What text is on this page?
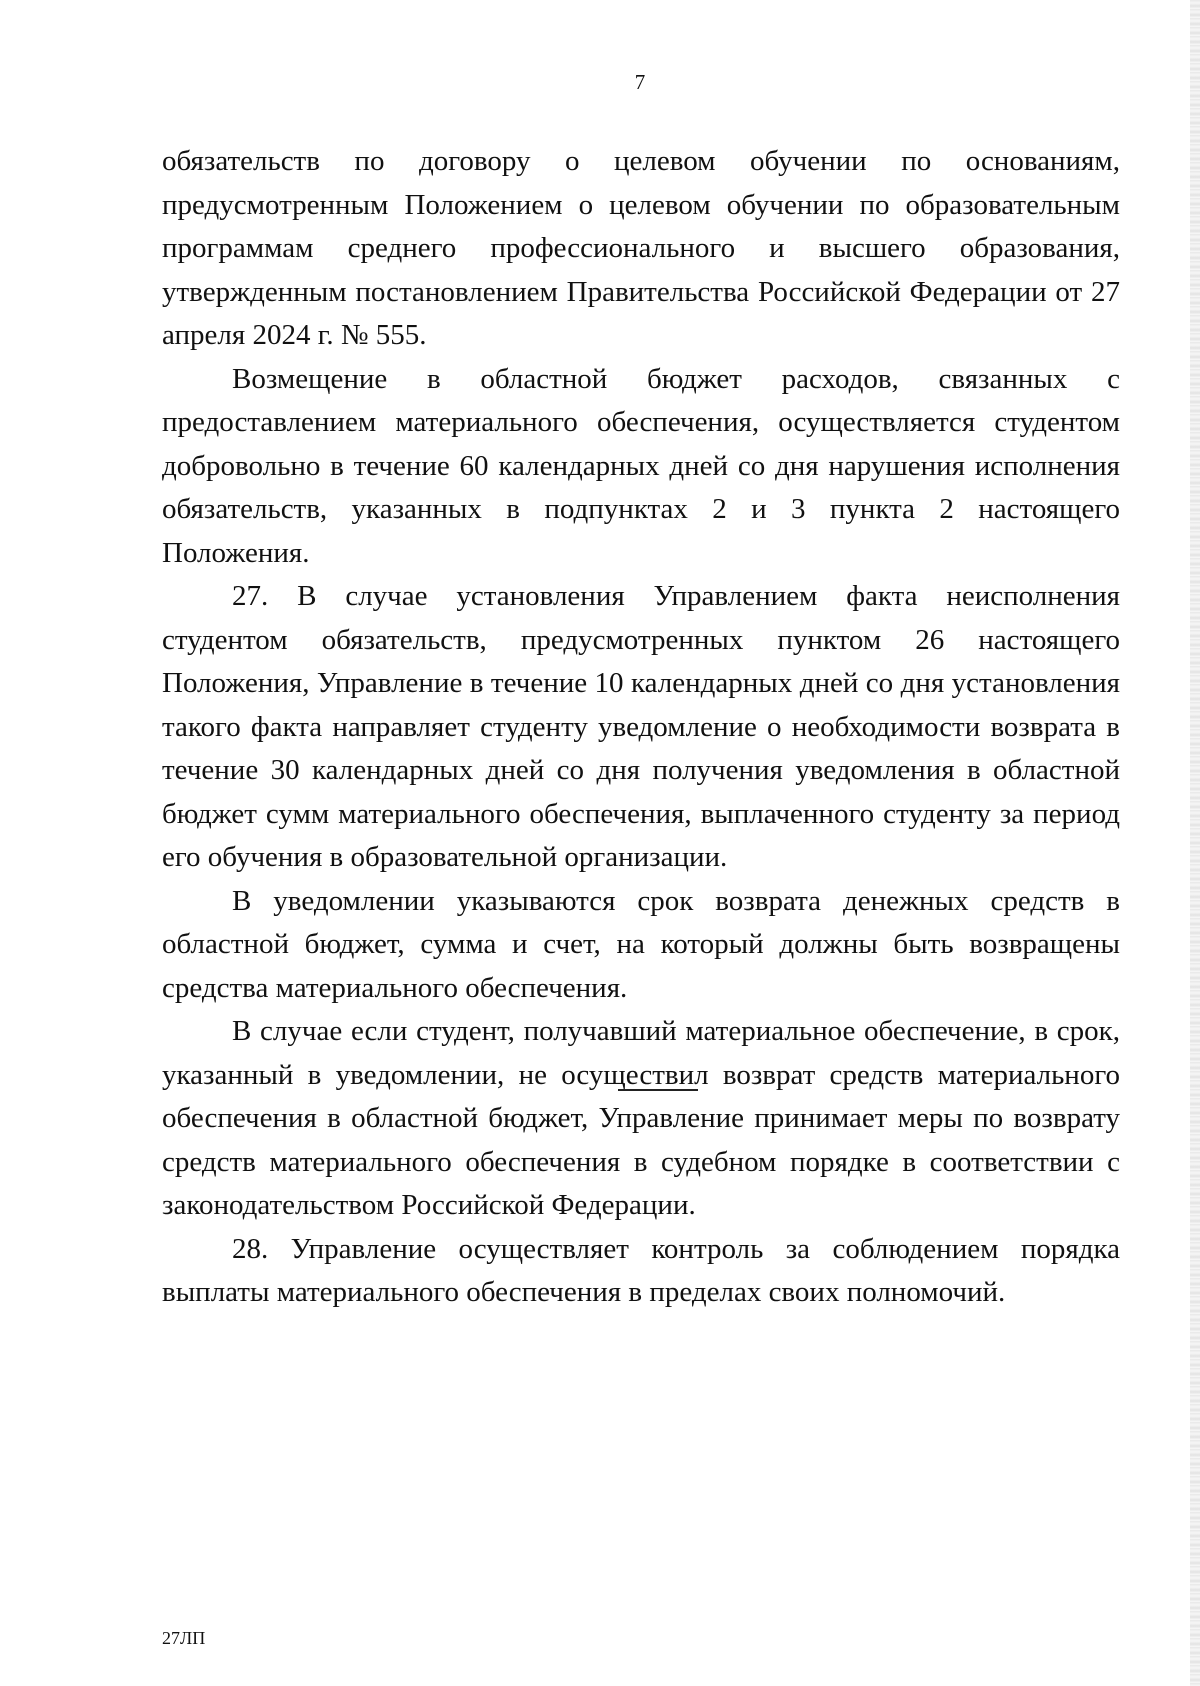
7

обязательств по договору о целевом обучении по основаниям, предусмотренным Положением о целевом обучении по образовательным программам среднего профессионального и высшего образования, утвержденным постановлением Правительства Российской Федерации от 27 апреля 2024 г. № 555.

Возмещение в областной бюджет расходов, связанных с предоставлением материального обеспечения, осуществляется студентом добровольно в течение 60 календарных дней со дня нарушения исполнения обязательств, указанных в подпунктах 2 и 3 пункта 2 настоящего Положения.

27. В случае установления Управлением факта неисполнения студентом обязательств, предусмотренных пунктом 26 настоящего Положения, Управление в течение 10 календарных дней со дня установления такого факта направляет студенту уведомление о необходимости возврата в течение 30 календарных дней со дня получения уведомления в областной бюджет сумм материального обеспечения, выплаченного студенту за период его обучения в образовательной организации.

В уведомлении указываются срок возврата денежных средств в областной бюджет, сумма и счет, на который должны быть возвращены средства материального обеспечения.

В случае если студент, получавший материальное обеспечение, в срок, указанный в уведомлении, не осуществил возврат средств материального обеспечения в областной бюджет, Управление принимает меры по возврату средств материального обеспечения в судебном порядке в соответствии с законодательством Российской Федерации.

28. Управление осуществляет контроль за соблюдением порядка выплаты материального обеспечения в пределах своих полномочий.

27ЛП
